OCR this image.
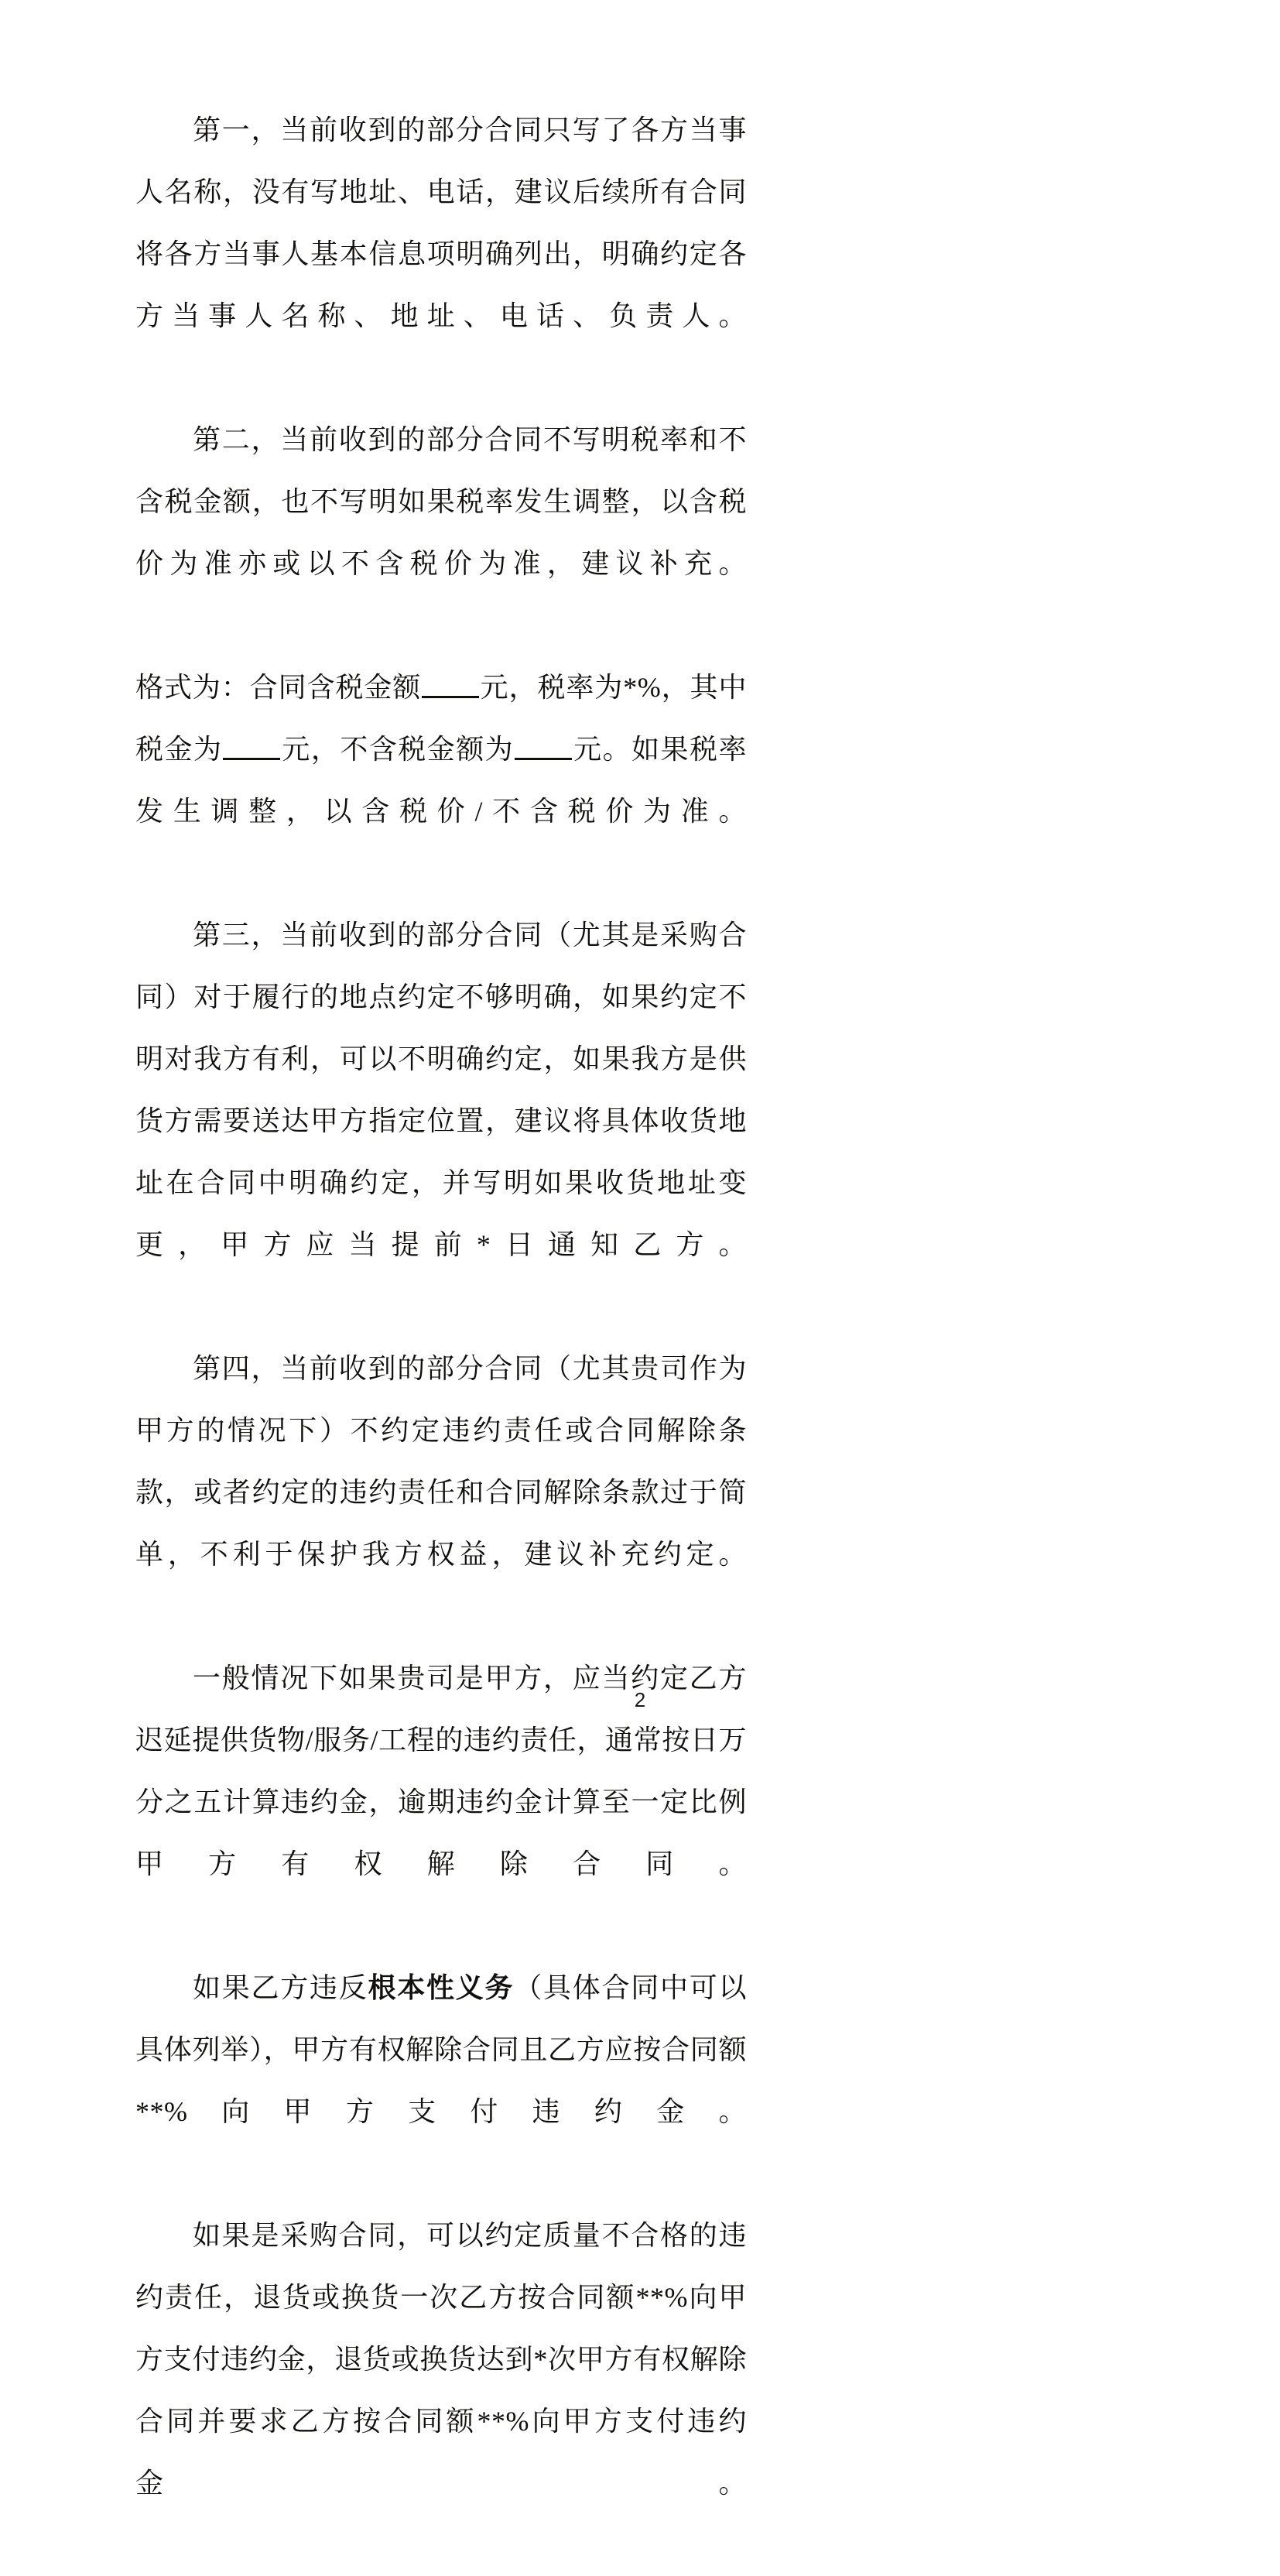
第一，当前收到的部分合同只写了各方当事人名称，没有写地址、电话，建议后续所有合同将各方当事人基本信息项明确列出，明确约定各方当事人名称、地址、电话、负责人。

第二，当前收到的部分合同不写明税率和不含税金额，也不写明如果税率发生调整，以含税价为准亦或以不含税价为准，建议补充。

格式为：合同含税金额 元，税率为*%，其中税金为 元，不含税金额为 元。如果税率发生调整，以含税价/不含税价为准。

第三，当前收到的部分合同（尤其是采购合同）对于履行的地点约定不够明确，如果约定不明对我方有利，可以不明确约定，如果我方是供货方需要送达甲方指定位置，建议将具体收货地址在合同中明确约定，并写明如果收货地址变更，甲方应当提前*日通知乙方。

第四，当前收到的部分合同（尤其贵司作为甲方的情况下）不约定违约责任或合同解除条款，或者约定的违约责任和合同解除条款过于简单，不利于保护我方权益，建议补充约定。

一般情况下如果贵司是甲方，应当约定乙方迟延提供货物/服务/工程的违约责任，通常按日万分之五计算违约金，逾期违约金计算至一定比例甲方有权解除合同。

如果乙方违反根本性义务（具体合同中可以具体列举），甲方有权解除合同且乙方应按合同额**%向甲方支付违约金。

如果是采购合同，可以约定质量不合格的违约责任，退货或换货一次乙方按合同额**%向甲方支付违约金，退货或换货达到*次甲方有权解除合同并要求乙方按合同额**%向甲方支付违约金。

2
